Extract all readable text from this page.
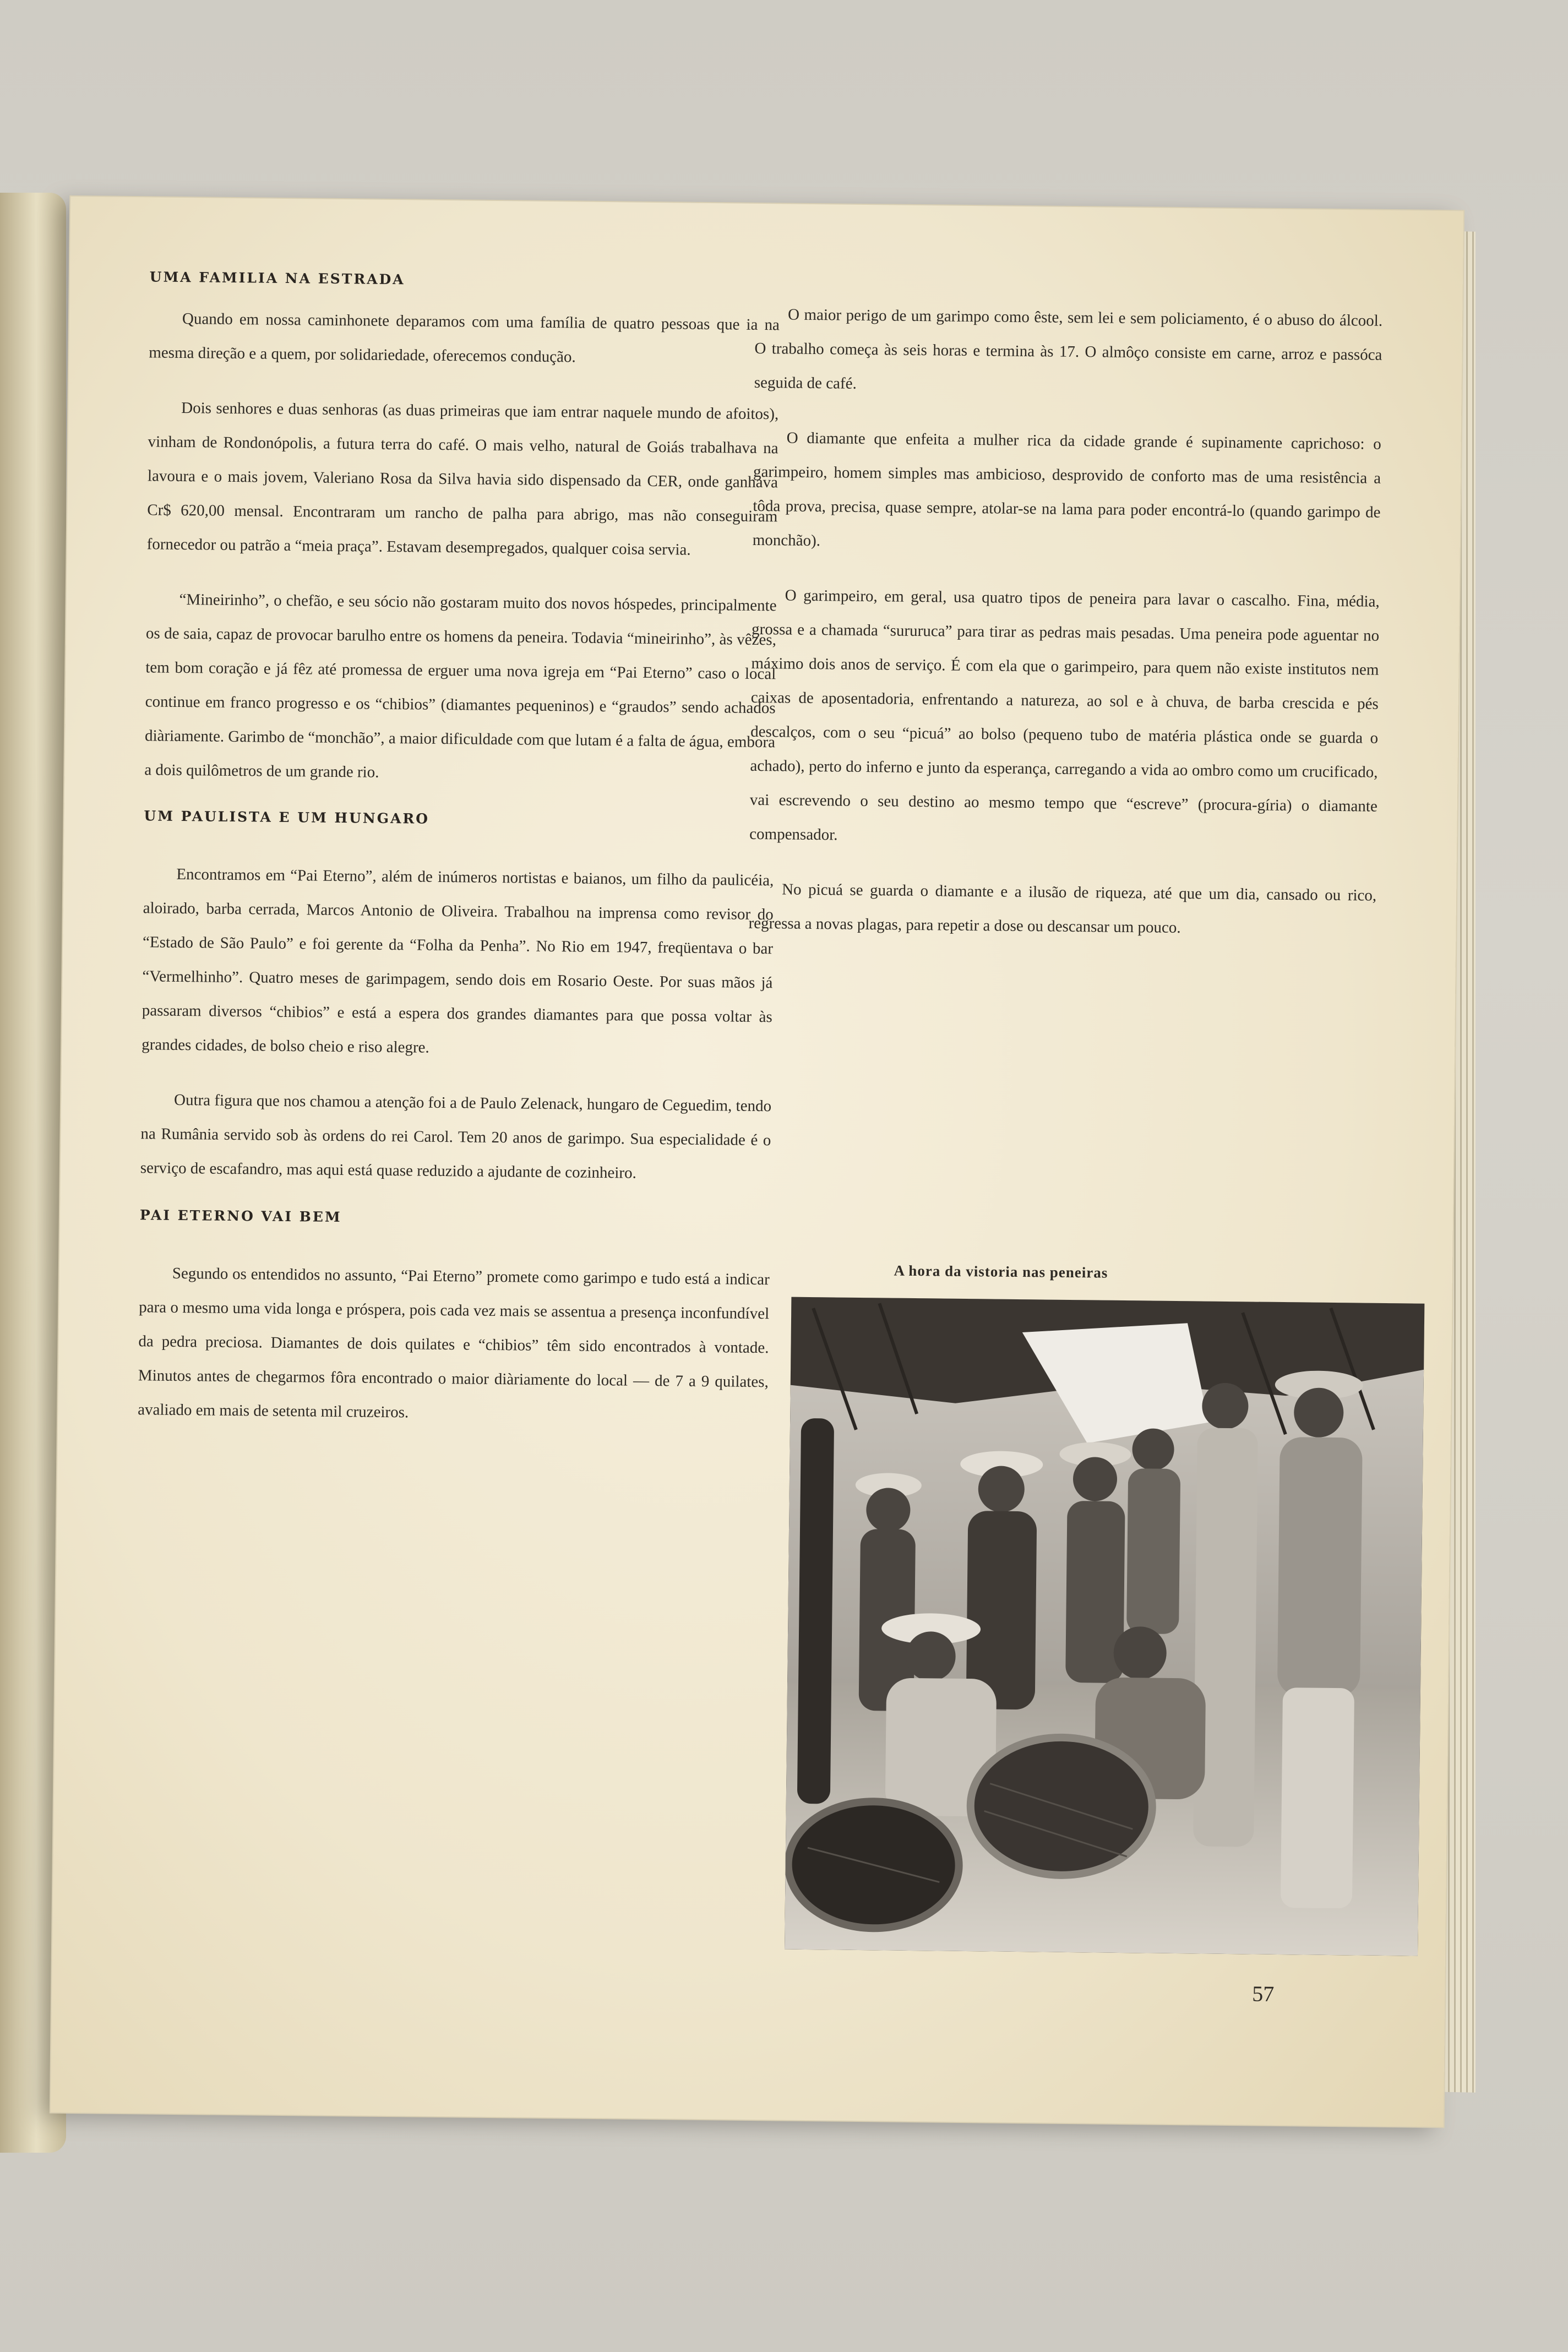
UMA FAMILIA NA ESTRADA

Quando em nossa caminhonete deparamos com uma família de quatro pessoas que ia na mesma direção e a quem, por solidariedade, oferecemos condução.

Dois senhores e duas senhoras (as duas primeiras que iam entrar naquele mundo de afoitos), vinham de Rondonópolis, a futura terra do café. O mais velho, natural de Goiás trabalhava na lavoura e o mais jovem, Valeriano Rosa da Silva havia sido dispensado da CER, onde ganhava Cr$ 620,00 mensal. Encontraram um rancho de palha para abrigo, mas não conseguiram fornecedor ou patrão a “meia praça”. Estavam desempregados, qualquer coisa servia.

“Mineirinho”, o chefão, e seu sócio não gostaram muito dos novos hóspedes, principalmente os de saia, capaz de provocar barulho entre os homens da peneira. Todavia “mineirinho”, às vêzes, tem bom coração e já fêz até promessa de erguer uma nova igreja em “Pai Eterno” caso o local continue em franco progresso e os “chibios” (diamantes pequeninos) e “graudos” sendo achados diàriamente. Garimbo de “monchão”, a maior dificuldade com que lutam é a falta de água, embora a dois quilômetros de um grande rio.

UM PAULISTA E UM HUNGARO

Encontramos em “Pai Eterno”, além de inúmeros nortistas e baianos, um filho da paulicéia, aloirado, barba cerrada, Marcos Antonio de Oliveira. Trabalhou na imprensa como revisor do “Estado de São Paulo” e foi gerente da “Folha da Penha”. No Rio em 1947, freqüentava o bar “Vermelhinho”. Quatro meses de garimpagem, sendo dois em Rosario Oeste. Por suas mãos já passaram diversos “chibios” e está a espera dos grandes diamantes para que possa voltar às grandes cidades, de bolso cheio e riso alegre.

Outra figura que nos chamou a atenção foi a de Paulo Zelenack, hungaro de Ceguedim, tendo na Rumânia servido sob às ordens do rei Carol. Tem 20 anos de garimpo. Sua especialidade é o serviço de escafandro, mas aqui está quase reduzido a ajudante de cozinheiro.

PAI ETERNO VAI BEM

Segundo os entendidos no assunto, “Pai Eterno” promete como garimpo e tudo está a indicar para o mesmo uma vida longa e próspera, pois cada vez mais se assentua a presença inconfundível da pedra preciosa. Diamantes de dois quilates e “chibios” têm sido encontrados à vontade. Minutos antes de chegarmos fôra encontrado o maior diàriamente do local — de 7 a 9 quilates, avaliado em mais de setenta mil cruzeiros.

O maior perigo de um garimpo como êste, sem lei e sem policiamento, é o abuso do álcool. O trabalho começa às seis horas e termina às 17. O almôço consiste em carne, arroz e passóca seguida de café.

O diamante que enfeita a mulher rica da cidade grande é supinamente caprichoso: o garimpeiro, homem simples mas ambicioso, desprovido de conforto mas de uma resistência a tôda prova, precisa, quase sempre, atolar-se na lama para poder encontrá-lo (quando garimpo de monchão).

O garimpeiro, em geral, usa quatro tipos de peneira para lavar o cascalho. Fina, média, grossa e a chamada “sururuca” para tirar as pedras mais pesadas. Uma peneira pode aguentar no máximo dois anos de serviço. É com ela que o garimpeiro, para quem não existe institutos nem caixas de aposentadoria, enfrentando a natureza, ao sol e à chuva, de barba crescida e pés descalços, com o seu “picuá” ao bolso (pequeno tubo de matéria plástica onde se guarda o achado), perto do inferno e junto da esperança, carregando a vida ao ombro como um crucificado, vai escrevendo o seu destino ao mesmo tempo que “escreve” (procura-gíria) o diamante compensador.

No picuá se guarda o diamante e a ilusão de riqueza, até que um dia, cansado ou rico, regressa a novas plagas, para repetir a dose ou descansar um pouco.

A hora da vistoria nas peneiras
57
